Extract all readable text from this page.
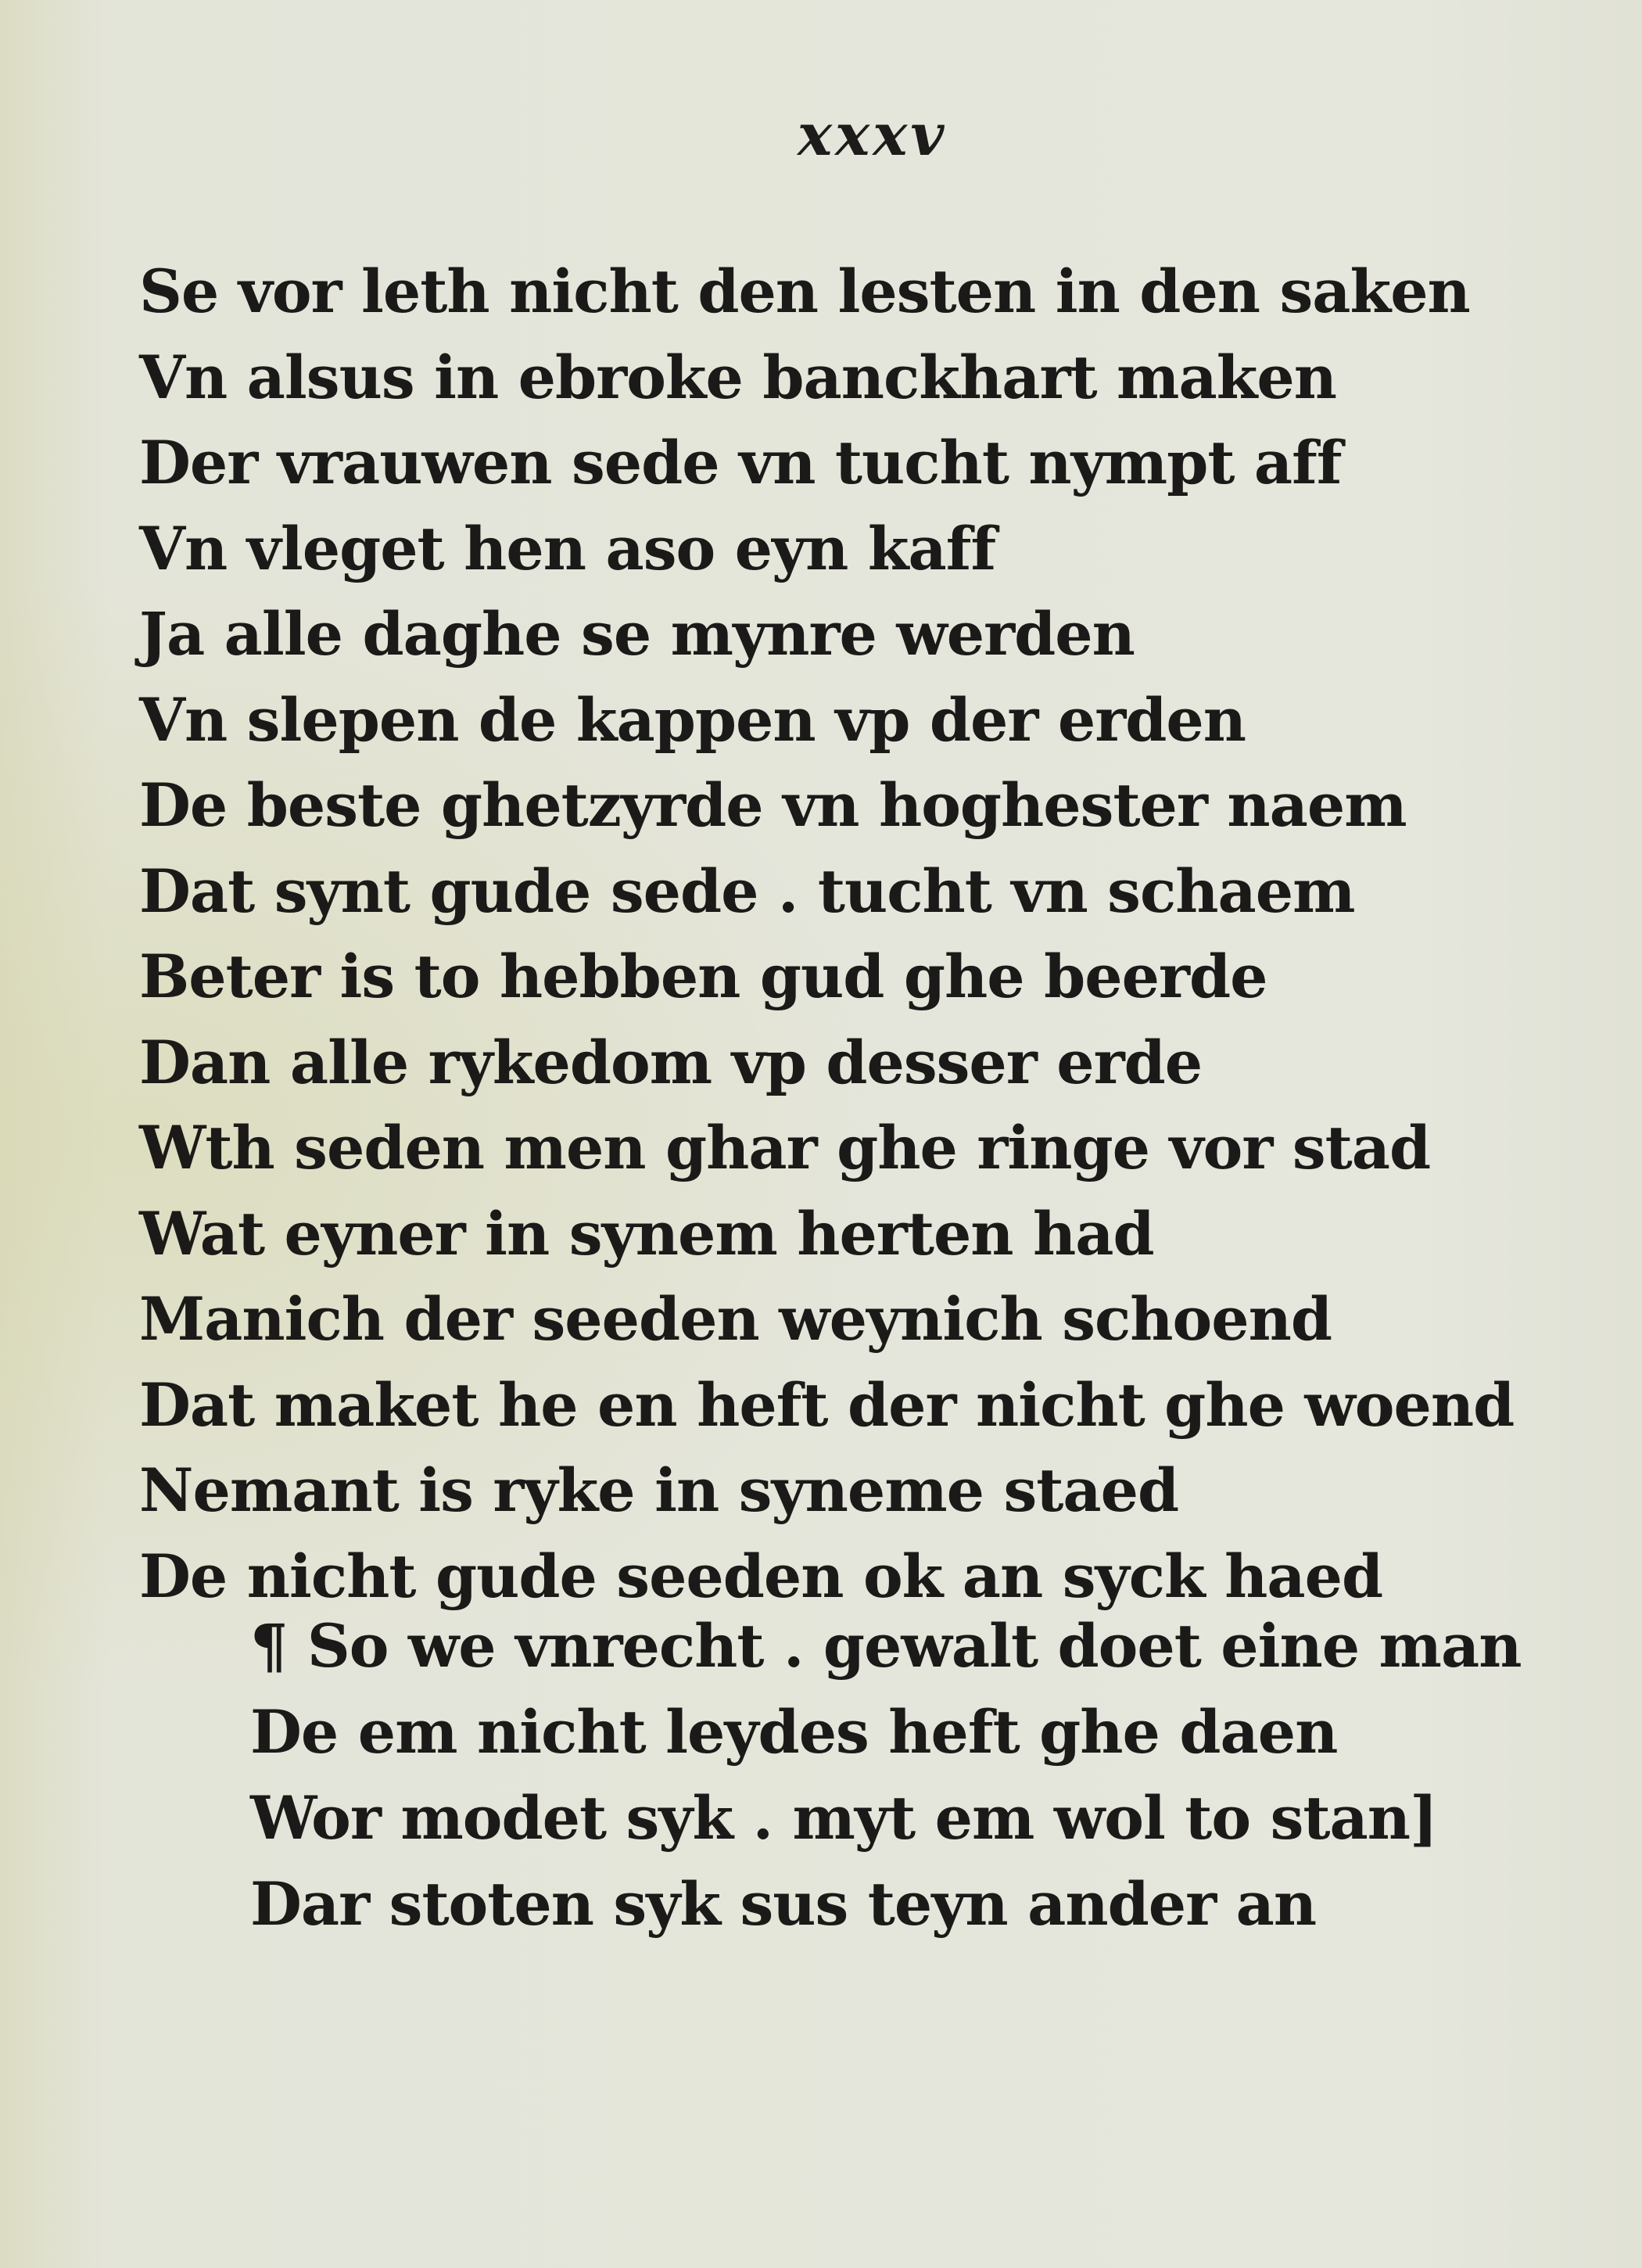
xxxv
Se vor leth nicht den lesten in den saken
Vn alsus in ebroke banckhart maken
Der vrauwen sede vn tucht nympt aff
Vn vleget hen aso eyn kaff
Ja alle daghe se mynre werden
Vn slepen de kappen vp der erden
De beste ghetzyrde vn hoghester naem
Dat synt gude sede . tucht vn schaem
Beter is to hebben gud ghe beerde
Dan alle rykedom vp desser erde
Wth seden men ghar ghe ringe vor stad
Wat eyner in synem herten had
Manich der seeden weynich schoend
Dat maket he en heft der nicht ghe woend
Nemant is ryke in syneme staed
De nicht gude seeden ok an syck haed
¶ So we vnrecht . gewalt doet eine man
De em nicht leydes heft ghe daen
Wor modet syk . myt em wol to stan]
Dar stoten syk sus teyn ander an
